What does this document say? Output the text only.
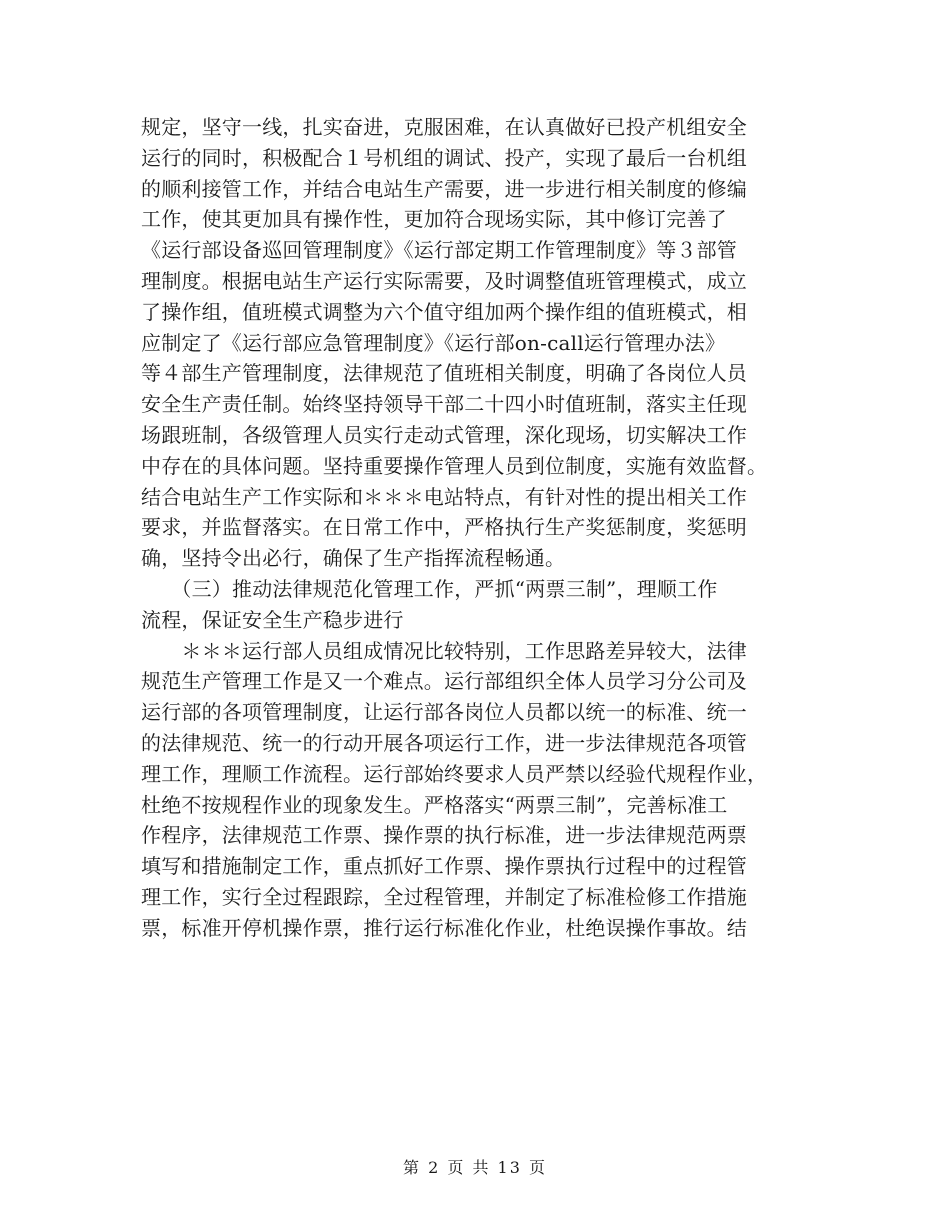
规定，坚守一线，扎实奋进，克服困难，在认真做好已投产机组安全
运行的同时，积极配合１号机组的调试、投产，实现了最后一台机组
的顺利接管工作，并结合电站生产需要，进一步进行相关制度的修编
工作，使其更加具有操作性，更加符合现场实际，其中修订完善了
《运行部设备巡回管理制度》《运行部定期工作管理制度》等３部管
理制度。根据电站生产运行实际需要，及时调整值班管理模式，成立
了操作组，值班模式调整为六个值守组加两个操作组的值班模式，相
应制定了《运行部应急管理制度》《运行部on-call运行管理办法》
等４部生产管理制度，法律规范了值班相关制度，明确了各岗位人员
安全生产责任制。始终坚持领导干部二十四小时值班制，落实主任现
场跟班制，各级管理人员实行走动式管理，深化现场，切实解决工作
中存在的具体问题。坚持重要操作管理人员到位制度，实施有效监督。
结合电站生产工作实际和＊＊＊电站特点，有针对性的提出相关工作
要求，并监督落实。在日常工作中，严格执行生产奖惩制度，奖惩明
确，坚持令出必行，确保了生产指挥流程畅通。
　　（三）推动法律规范化管理工作，严抓“两票三制”，理顺工作
流程，保证安全生产稳步进行
　　＊＊＊运行部人员组成情况比较特别，工作思路差异较大，法律
规范生产管理工作是又一个难点。运行部组织全体人员学习分公司及
运行部的各项管理制度，让运行部各岗位人员都以统一的标准、统一
的法律规范、统一的行动开展各项运行工作，进一步法律规范各项管
理工作，理顺工作流程。运行部始终要求人员严禁以经验代规程作业，
杜绝不按规程作业的现象发生。严格落实“两票三制”，完善标准工
作程序，法律规范工作票、操作票的执行标准，进一步法律规范两票
填写和措施制定工作，重点抓好工作票、操作票执行过程中的过程管
理工作，实行全过程跟踪，全过程管理，并制定了标准检修工作措施
票，标准开停机操作票，推行运行标准化作业，杜绝误操作事故。结
第 2 页 共 13 页
